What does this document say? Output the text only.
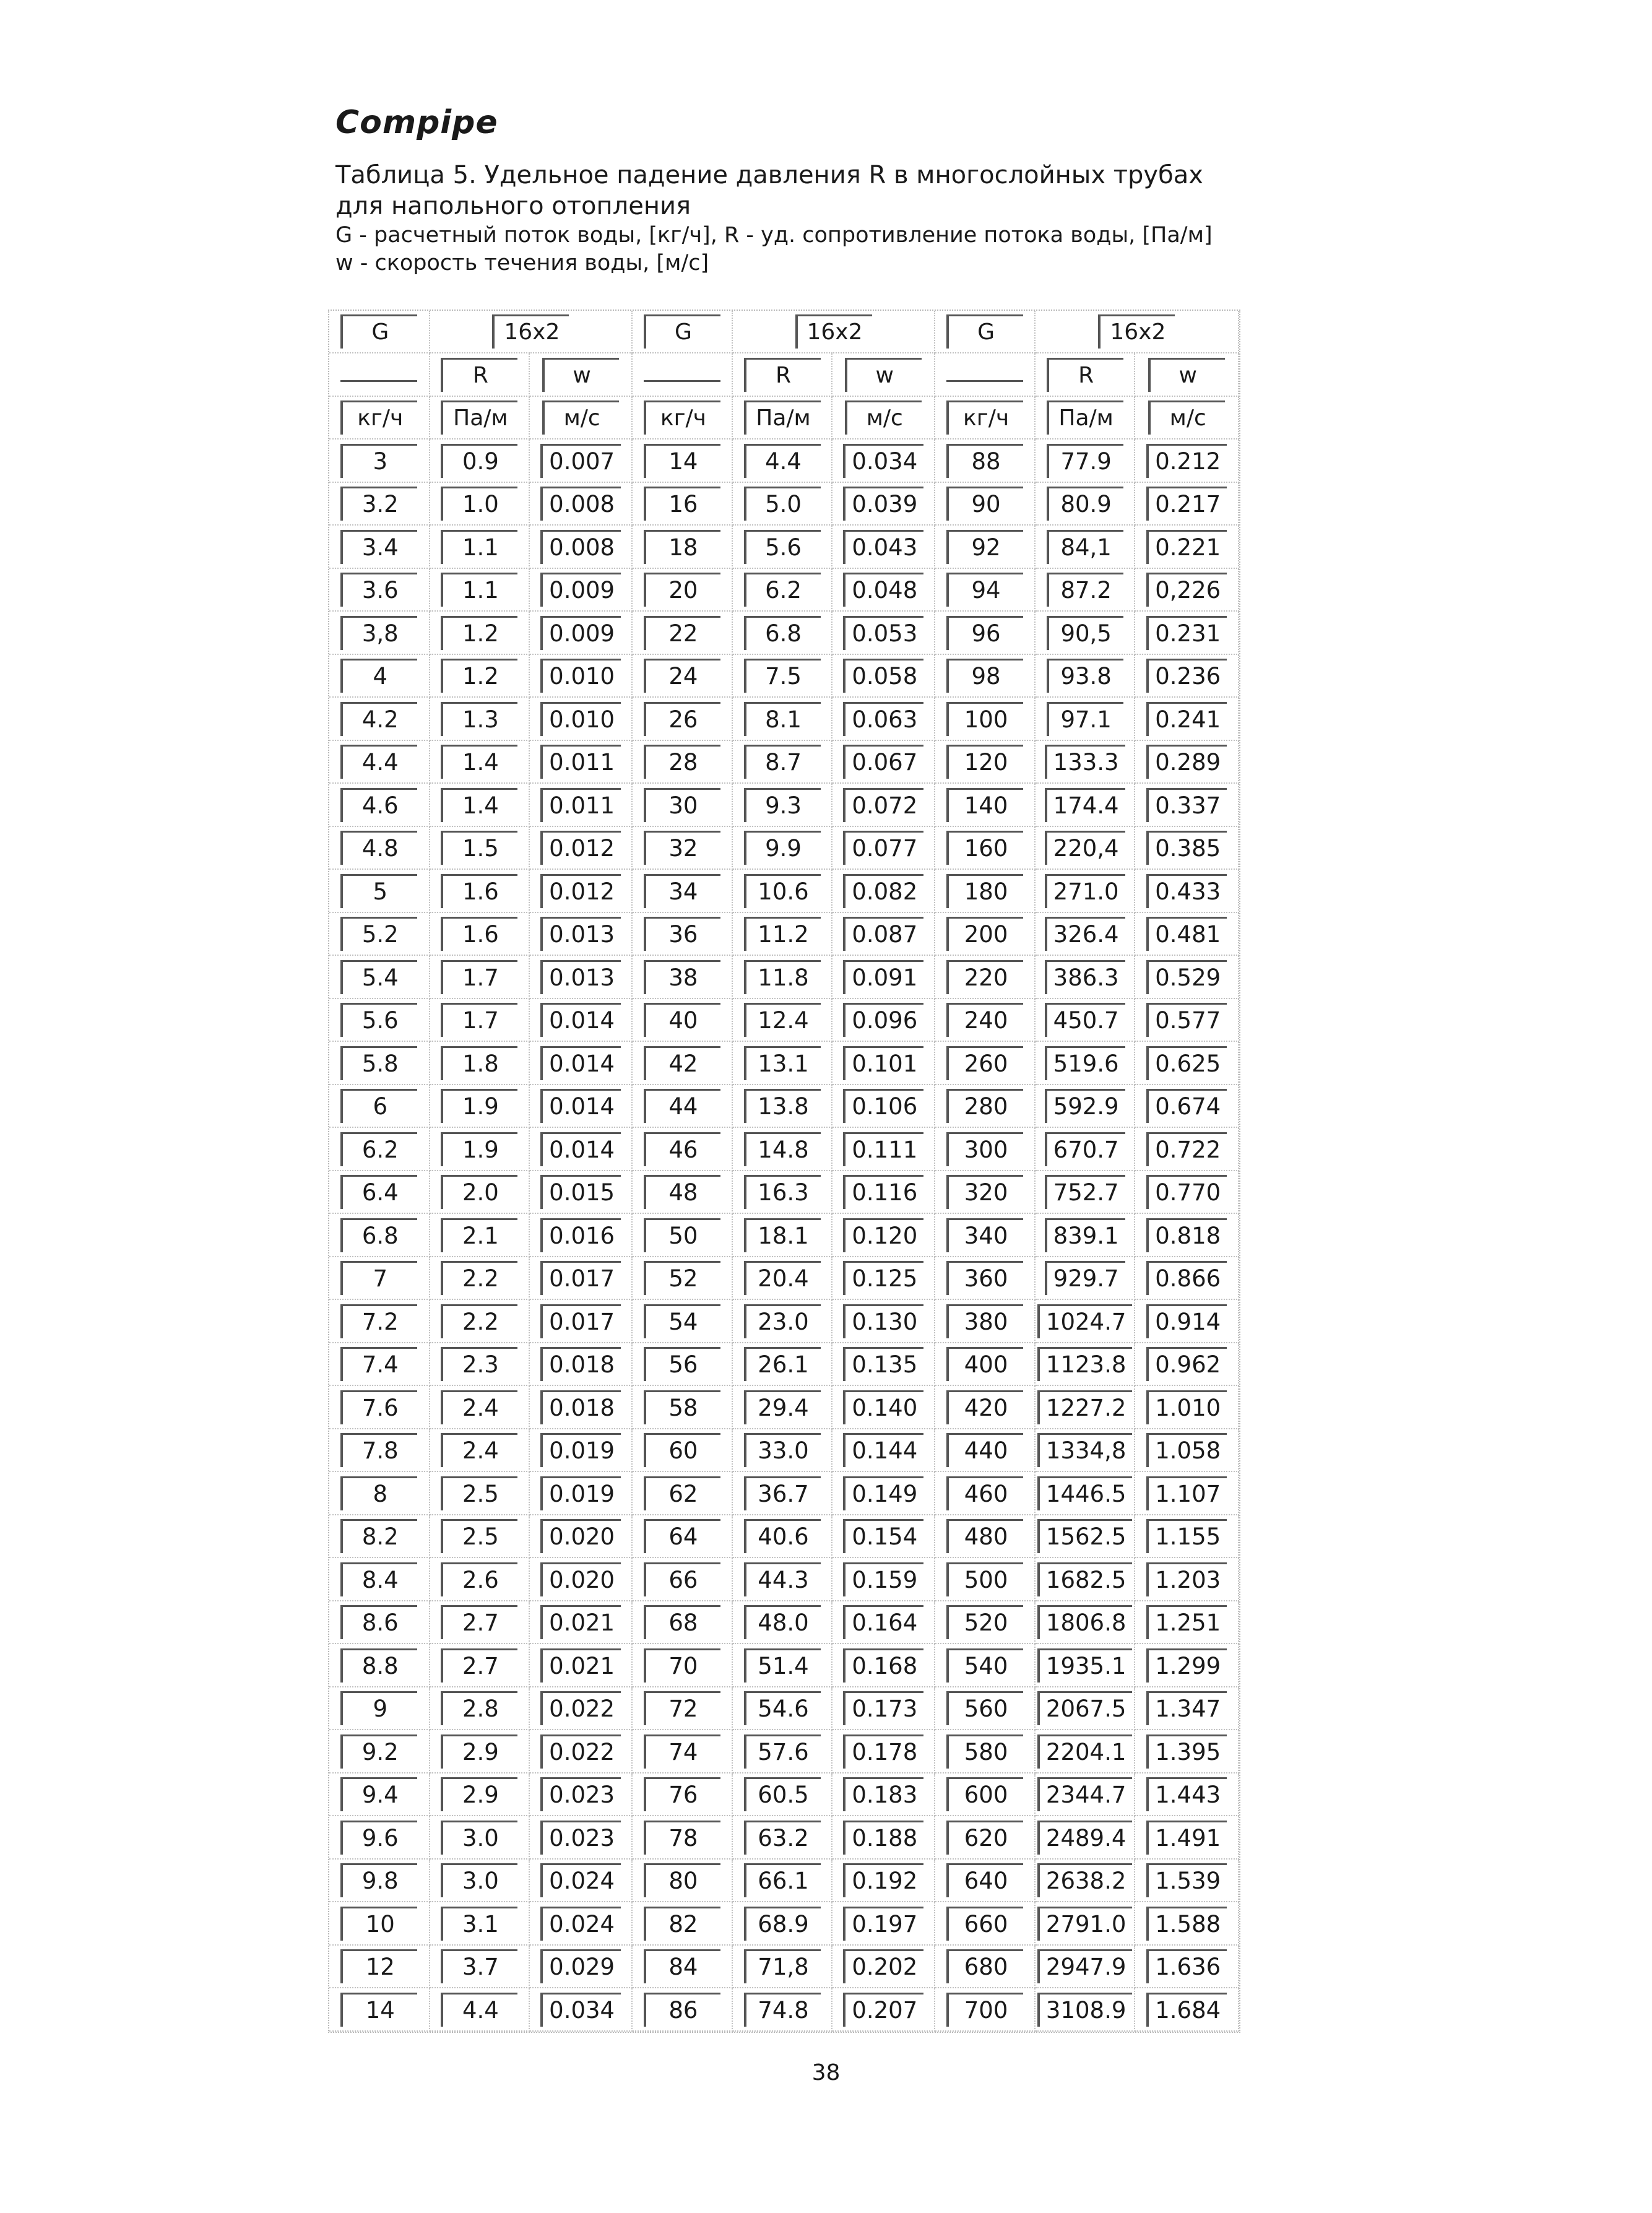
Compipe
Таблица 5. Удельное падение давления R в многослойных трубах
для напольного отопления
G - расчетный поток воды, [кг/ч], R - уд. сопротивление потока воды, [Па/м]
w - скорость течения воды, [м/с]
G	16x2		G	16x2		G	16x2	
	R	w		R	w		R	w
кг/ч	Па/м	м/с	кг/ч	Па/м	м/с	кг/ч	Па/м	м/с
3	0.9	0.007	14	4.4	0.034	88	77.9	0.212
3.2	1.0	0.008	16	5.0	0.039	90	80.9	0.217
3.4	1.1	0.008	18	5.6	0.043	92	84,1	0.221
3.6	1.1	0.009	20	6.2	0.048	94	87.2	0,226
3,8	1.2	0.009	22	6.8	0.053	96	90,5	0.231
4	1.2	0.010	24	7.5	0.058	98	93.8	0.236
4.2	1.3	0.010	26	8.1	0.063	100	97.1	0.241
4.4	1.4	0.011	28	8.7	0.067	120	133.3	0.289
4.6	1.4	0.011	30	9.3	0.072	140	174.4	0.337
4.8	1.5	0.012	32	9.9	0.077	160	220,4	0.385
5	1.6	0.012	34	10.6	0.082	180	271.0	0.433
5.2	1.6	0.013	36	11.2	0.087	200	326.4	0.481
5.4	1.7	0.013	38	11.8	0.091	220	386.3	0.529
5.6	1.7	0.014	40	12.4	0.096	240	450.7	0.577
5.8	1.8	0.014	42	13.1	0.101	260	519.6	0.625
6	1.9	0.014	44	13.8	0.106	280	592.9	0.674
6.2	1.9	0.014	46	14.8	0.111	300	670.7	0.722
6.4	2.0	0.015	48	16.3	0.116	320	752.7	0.770
6.8	2.1	0.016	50	18.1	0.120	340	839.1	0.818
7	2.2	0.017	52	20.4	0.125	360	929.7	0.866
7.2	2.2	0.017	54	23.0	0.130	380	1024.7	0.914
7.4	2.3	0.018	56	26.1	0.135	400	1123.8	0.962
7.6	2.4	0.018	58	29.4	0.140	420	1227.2	1.010
7.8	2.4	0.019	60	33.0	0.144	440	1334,8	1.058
8	2.5	0.019	62	36.7	0.149	460	1446.5	1.107
8.2	2.5	0.020	64	40.6	0.154	480	1562.5	1.155
8.4	2.6	0.020	66	44.3	0.159	500	1682.5	1.203
8.6	2.7	0.021	68	48.0	0.164	520	1806.8	1.251
8.8	2.7	0.021	70	51.4	0.168	540	1935.1	1.299
9	2.8	0.022	72	54.6	0.173	560	2067.5	1.347
9.2	2.9	0.022	74	57.6	0.178	580	2204.1	1.395
9.4	2.9	0.023	76	60.5	0.183	600	2344.7	1.443
9.6	3.0	0.023	78	63.2	0.188	620	2489.4	1.491
9.8	3.0	0.024	80	66.1	0.192	640	2638.2	1.539
10	3.1	0.024	82	68.9	0.197	660	2791.0	1.588
12	3.7	0.029	84	71,8	0.202	680	2947.9	1.636
14	4.4	0.034	86	74.8	0.207	700	3108.9	1.684
38
